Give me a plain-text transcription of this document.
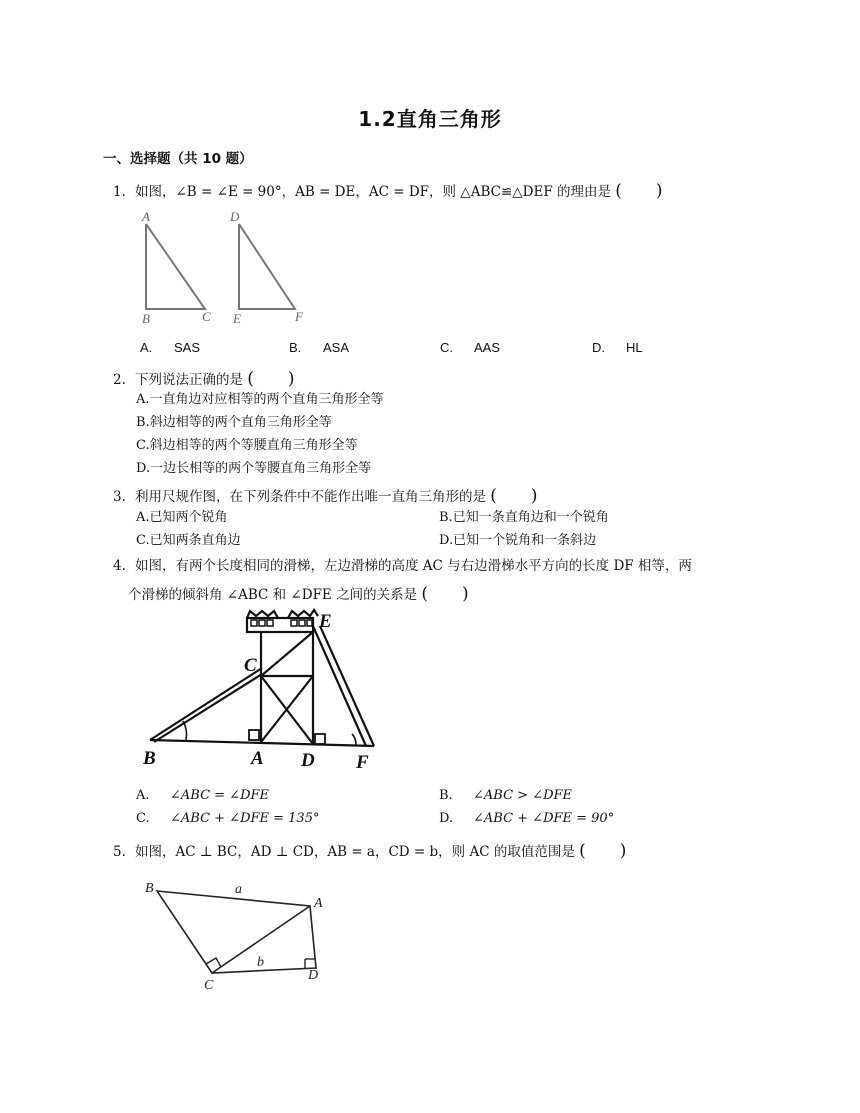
1.2直角三角形
一、选择题（共 10 题）
1. 如图，∠B = ∠E = 90°，AB = DE，AC = DF，则 △ABC≌△DEF 的理由是 (　　)
A
B	C
D
E	F
A. SAS	B. ASA	C. AAS	D. HL
2. 下列说法正确的是 (　　)
A.一直角边对应相等的两个直角三角形全等
B.斜边相等的两个直角三角形全等
C.斜边相等的两个等腰直角三角形全等
D.一边长相等的两个等腰直角三角形全等
3. 利用尺规作图，在下列条件中不能作出唯一直角三角形的是 (　　)
A.已知两个锐角	B.已知一条直角边和一个锐角
C.已知两条直角边	D.已知一个锐角和一条斜边
4. 如图，有两个长度相同的滑梯，左边滑梯的高度 AC 与右边滑梯水平方向的长度 DF 相等，两
个滑梯的倾斜角 ∠ABC 和 ∠DFE 之间的关系是 (　　)
E
C
B	A D F
A. ∠ABC = ∠DFE	B. ∠ABC > ∠DFE
C. ∠ABC + ∠DFE = 135°	D. ∠ABC + ∠DFE = 90°
5. 如图，AC ⊥ BC，AD ⊥ CD，AB = a，CD = b，则 AC 的取值范围是 (　　)
B	a
A
b
C
D
